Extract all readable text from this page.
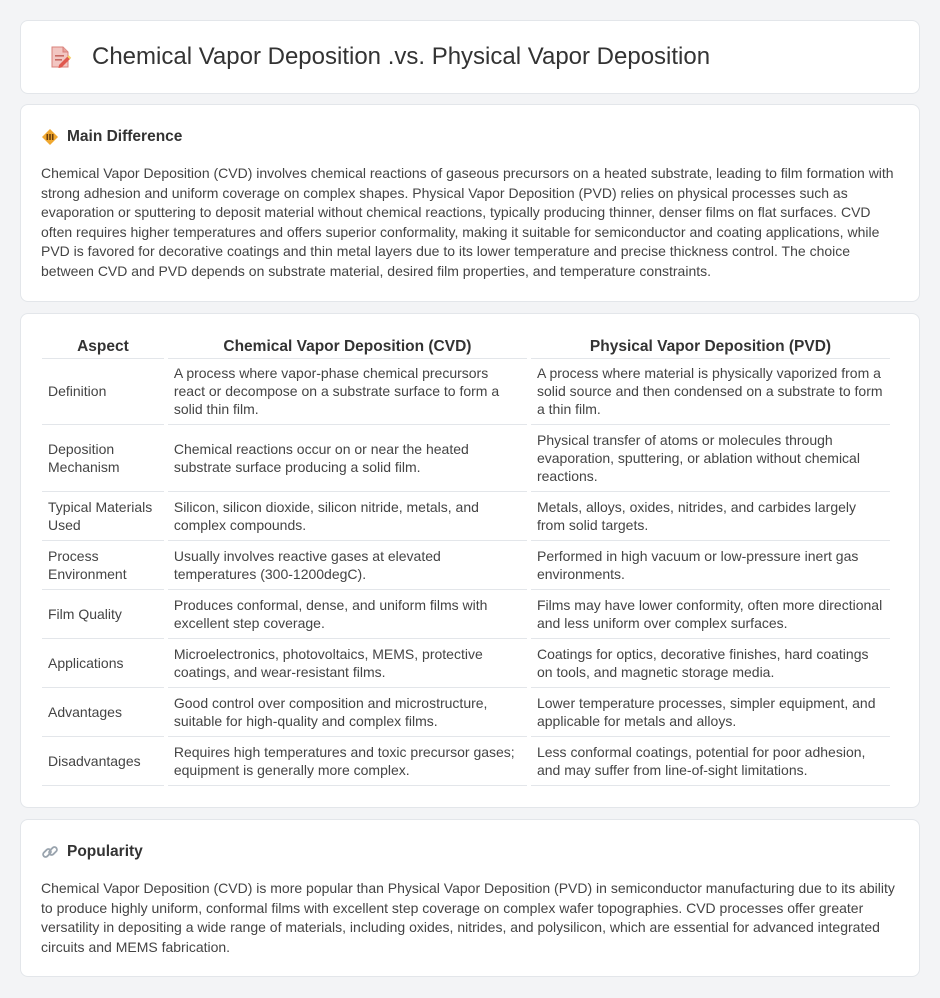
Chemical Vapor Deposition .vs. Physical Vapor Deposition
Main Difference

Chemical Vapor Deposition (CVD) involves chemical reactions of gaseous precursors on a heated substrate, leading to film formation with strong adhesion and uniform coverage on complex shapes. Physical Vapor Deposition (PVD) relies on physical processes such as evaporation or sputtering to deposit material without chemical reactions, typically producing thinner, denser films on flat surfaces. CVD often requires higher temperatures and offers superior conformality, making it suitable for semiconductor and coating applications, while PVD is favored for decorative coatings and thin metal layers due to its lower temperature and precise thickness control. The choice between CVD and PVD depends on substrate material, desired film properties, and temperature constraints.

Aspect	Chemical Vapor Deposition (CVD)	Physical Vapor Deposition (PVD)
Definition	A process where vapor-phase chemical precursors react or decompose on a substrate surface to form a solid thin film.	A process where material is physically vaporized from a solid source and then condensed on a substrate to form a thin film.
Deposition Mechanism	Chemical reactions occur on or near the heated substrate surface producing a solid film.	Physical transfer of atoms or molecules through evaporation, sputtering, or ablation without chemical reactions.
Typical Materials Used	Silicon, silicon dioxide, silicon nitride, metals, and complex compounds.	Metals, alloys, oxides, nitrides, and carbides largely from solid targets.
Process Environment	Usually involves reactive gases at elevated temperatures (300-1200degC).	Performed in high vacuum or low-pressure inert gas environments.
Film Quality	Produces conformal, dense, and uniform films with excellent step coverage.	Films may have lower conformity, often more directional and less uniform over complex surfaces.
Applications	Microelectronics, photovoltaics, MEMS, protective coatings, and wear-resistant films.	Coatings for optics, decorative finishes, hard coatings on tools, and magnetic storage media.
Advantages	Good control over composition and microstructure, suitable for high-quality and complex films.	Lower temperature processes, simpler equipment, and applicable for metals and alloys.
Disadvantages	Requires high temperatures and toxic precursor gases; equipment is generally more complex.	Less conformal coatings, potential for poor adhesion, and may suffer from line-of-sight limitations.
Popularity

Chemical Vapor Deposition (CVD) is more popular than Physical Vapor Deposition (PVD) in semiconductor manufacturing due to its ability to produce highly uniform, conformal films with excellent step coverage on complex wafer topographies. CVD processes offer greater versatility in depositing a wide range of materials, including oxides, nitrides, and polysilicon, which are essential for advanced integrated circuits and MEMS fabrication.
